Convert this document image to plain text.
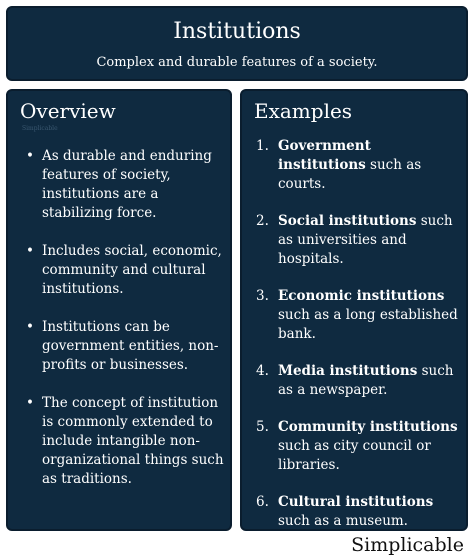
Institutions
Complex and durable features of a society.
Overview
Simplicable
• As durable and enduring features of society, institutions are a stabilizing force.
• Includes social, economic, community and cultural institutions.
• Institutions can be government entities, non-profits or businesses.
• The concept of institution is commonly extended to include intangible non-organizational things such as traditions.
Examples
1. Government institutions such as courts.
2. Social institutions such as universities and hospitals.
3. Economic institutions such as a long established bank.
4. Media institutions such as a newspaper.
5. Community institutions such as city council or libraries.
6. Cultural institutions such as a museum.
Simplicable
